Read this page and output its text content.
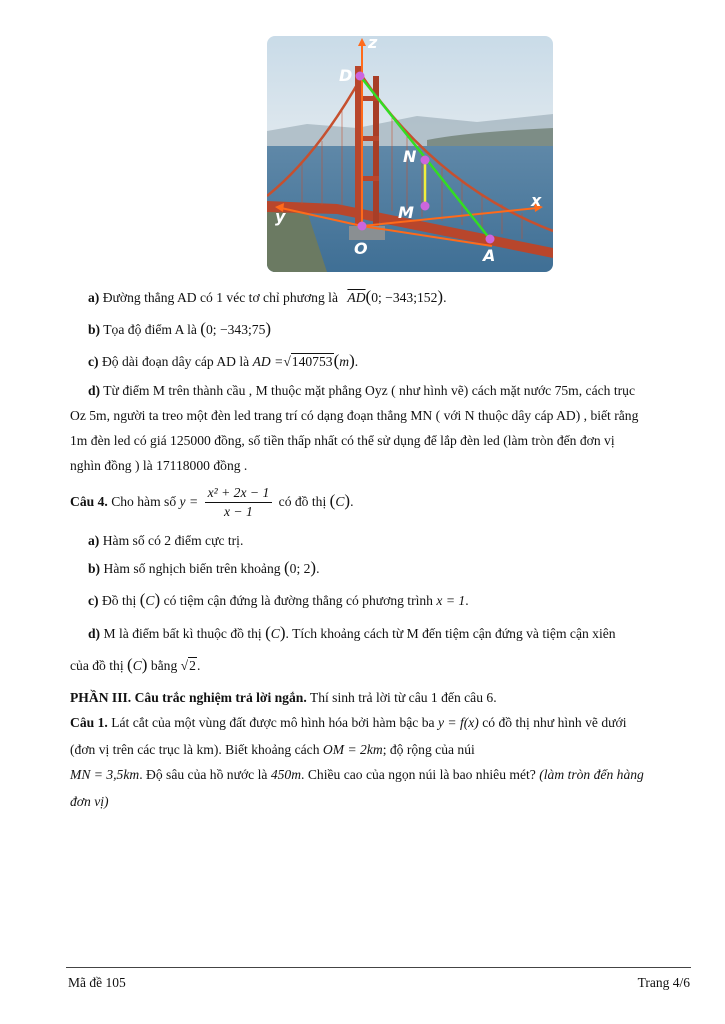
z
D
N
M
x
y
O	A
a) Đường thẳng AD có 1 véc tơ chỉ phương là $\overline{AD}(0$; −343;152).
b) Tọa độ điểm A là (0; −343;75)
c) Độ dài đoạn dây cáp AD là AD =√140753(m).
d) Từ điểm M trên thành cầu , M thuộc mặt phẳng Oyz ( như hình vẽ) cách mặt nước 75m, cách trục
Oz 5m, người ta treo một đèn led trang trí có dạng đoạn thẳng MN ( với N thuộc dây cáp AD) , biết rằng
1m đèn led có giá 125000 đồng, số tiền thấp nhất có thể sử dụng để lắp đèn led (làm tròn đến đơn vị
nghìn đồng ) là 17118000 đồng .
Câu 4. Cho hàm số $y = \frac{\text{x² + 2x − 1}}{x - 1}$ có đồ thị (C).
a) Hàm số có 2 điểm cực trị.
b) Hàm số nghịch biến trên khoảng (0; 2).
c) Đồ thị (C) có tiệm cận đứng là đường thẳng có phương trình x = 1.
d) M là điểm bất kì thuộc đồ thị (C). Tích khoảng cách từ M đến tiệm cận đứng và tiệm cận xiên
của đồ thị (C) bằng √2.
PHẦN III. Câu trắc nghiệm trả lời ngắn. Thí sinh trả lời từ câu 1 đến câu 6.
Câu 1. Lát cắt của một vùng đất được mô hình hóa bởi hàm bậc ba y = f(x) có đồ thị như hình vẽ dưới
(đơn vị trên các trục là km). Biết khoảng cách OM = 2km; độ rộng của núi
MN = 3,5km. Độ sâu của hồ nước là 450m. Chiều cao của ngọn núi là bao nhiêu mét? (làm tròn đến hàng
đơn vị)
Mã đề 105	Trang 4/6
